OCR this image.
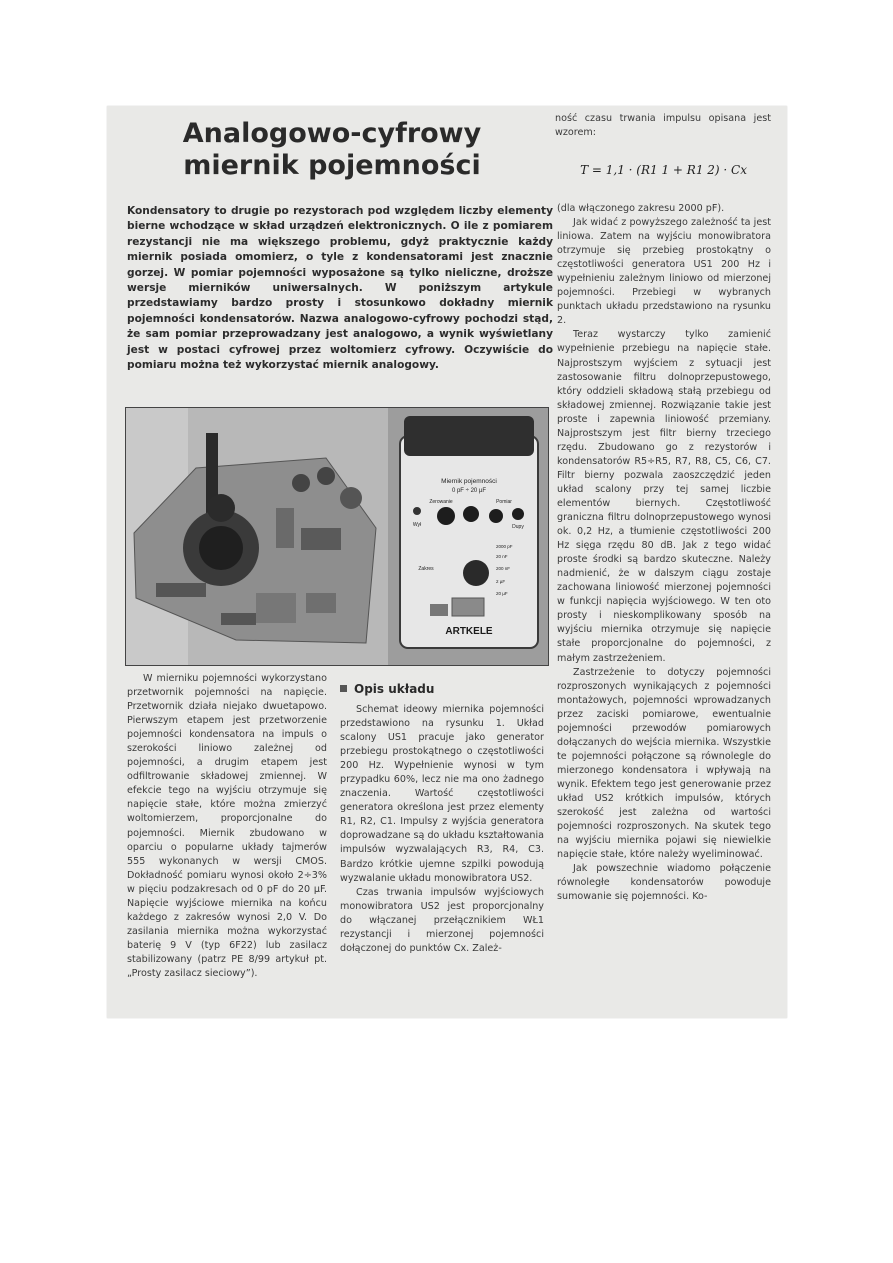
Analogowo-cyfrowy
miernik pojemności

Kondensatory to drugie po rezystorach pod względem liczby elementy bierne wchodzące w skład urządzeń elektronicznych. O ile z pomiarem rezystancji nie ma większego problemu, gdyż praktycznie każdy miernik posiada omomierz, o tyle z kondensatorami jest znacznie gorzej. W pomiar pojemności wyposażone są tylko nieliczne, droższe wersje mierników uniwersalnych. W poniższym artykule przedstawiamy bardzo prosty i stosunkowo dokładny miernik pojemności kondensatorów. Nazwa analogowo-cyfrowy pochodzi stąd, że sam pomiar przeprowadzany jest analogowo, a wynik wyświetlany jest w postaci cyfrowej przez woltomierz cyfrowy. Oczywiście do pomiaru można też wykorzystać miernik analogowy.

ność czasu trwania impulsu opisana jest wzorem:

T = 1,1 · (R1 1 + R1 2) · Cx
Miernik pojemności
0 pF ÷ 20 µF
Zerowanie	Pomiar
Wył	Dupy
Zakres
2000 pF
20 nF
200 nF
2 µF
20 µF
ARTKELE

W mierniku pojemności wykorzystano przetwornik pojemności na napięcie. Przetwornik działa niejako dwuetapowo. Pierwszym etapem jest przetworzenie pojemności kondensatora na impuls o szerokości liniowo zależnej od pojemności, a drugim etapem jest odfiltrowanie składowej zmiennej. W efekcie tego na wyjściu otrzymuje się napięcie stałe, które można zmierzyć woltomierzem, proporcjonalne do pojemności. Miernik zbudowano w oparciu o popularne układy tajmerów 555 wykonanych w wersji CMOS. Dokładność pomiaru wynosi około 2÷3% w pięciu podzakresach od 0 pF do 20 µF. Napięcie wyjściowe miernika na końcu każdego z zakresów wynosi 2,0 V. Do zasilania miernika można wykorzystać baterię 9 V (typ 6F22) lub zasilacz stabilizowany (patrz PE 8/99 artykuł pt. „Prosty zasilacz sieciowy”).

Opis układu

Schemat ideowy miernika pojemności przedstawiono na rysunku 1. Układ scalony US1 pracuje jako generator przebiegu prostokątnego o częstotliwości 200 Hz. Wypełnienie wynosi w tym przypadku 60%, lecz nie ma ono żadnego znaczenia. Wartość częstotliwości generatora określona jest przez elementy R1, R2, C1. Impulsy z wyjścia generatora doprowadzane są do układu kształtowania impulsów wyzwalających R3, R4, C3. Bardzo krótkie ujemne szpilki powodują wyzwalanie układu monowibratora US2.

Czas trwania impulsów wyjściowych monowibratora US2 jest proporcjonalny do włączanej przełącznikiem WŁ1 rezystancji i mierzonej pojemności dołączonej do punktów Cx. Zależ-

(dla włączonego zakresu 2000 pF).

Jak widać z powyższego zależność ta jest liniowa. Zatem na wyjściu monowibratora otrzymuje się przebieg prostokątny o częstotliwości generatora US1 200 Hz i wypełnieniu zależnym liniowo od mierzonej pojemności. Przebiegi w wybranych punktach układu przedstawiono na rysunku 2.

Teraz wystarczy tylko zamienić wypełnienie przebiegu na napięcie stałe. Najprostszym wyjściem z sytuacji jest zastosowanie filtru dolnoprzepustowego, który oddzieli składową stałą przebiegu od składowej zmiennej. Rozwiązanie takie jest proste i zapewnia liniowość przemiany. Najprostszym jest filtr bierny trzeciego rzędu. Zbudowano go z rezystorów i kondensatorów R5÷R5, R7, R8, C5, C6, C7. Filtr bierny pozwala zaoszczędzić jeden układ scalony przy tej samej liczbie elementów biernych. Częstotliwość graniczna filtru dolnoprzepustowego wynosi ok. 0,2 Hz, a tłumienie częstotliwości 200 Hz sięga rzędu 80 dB. Jak z tego widać proste środki są bardzo skuteczne. Należy nadmienić, że w dalszym ciągu zostaje zachowana liniowość mierzonej pojemności w funkcji napięcia wyjściowego. W ten oto prosty i nieskomplikowany sposób na wyjściu miernika otrzymuje się napięcie stałe proporcjonalne do pojemności, z małym zastrzeżeniem.

Zastrzeżenie to dotyczy pojemności rozproszonych wynikających z pojemności montażowych, pojemności wprowadzanych przez zaciski pomiarowe, ewentualnie pojemności przewodów pomiarowych dołączanych do wejścia miernika. Wszystkie te pojemności połączone są równolegle do mierzonego kondensatora i wpływają na wynik. Efektem tego jest generowanie przez układ US2 krótkich impulsów, których szerokość jest zależna od wartości pojemności rozproszonych. Na skutek tego na wyjściu miernika pojawi się niewielkie napięcie stałe, które należy wyeliminować.

Jak powszechnie wiadomo połączenie równoległe kondensatorów powoduje sumowanie się pojemności. Ko-
